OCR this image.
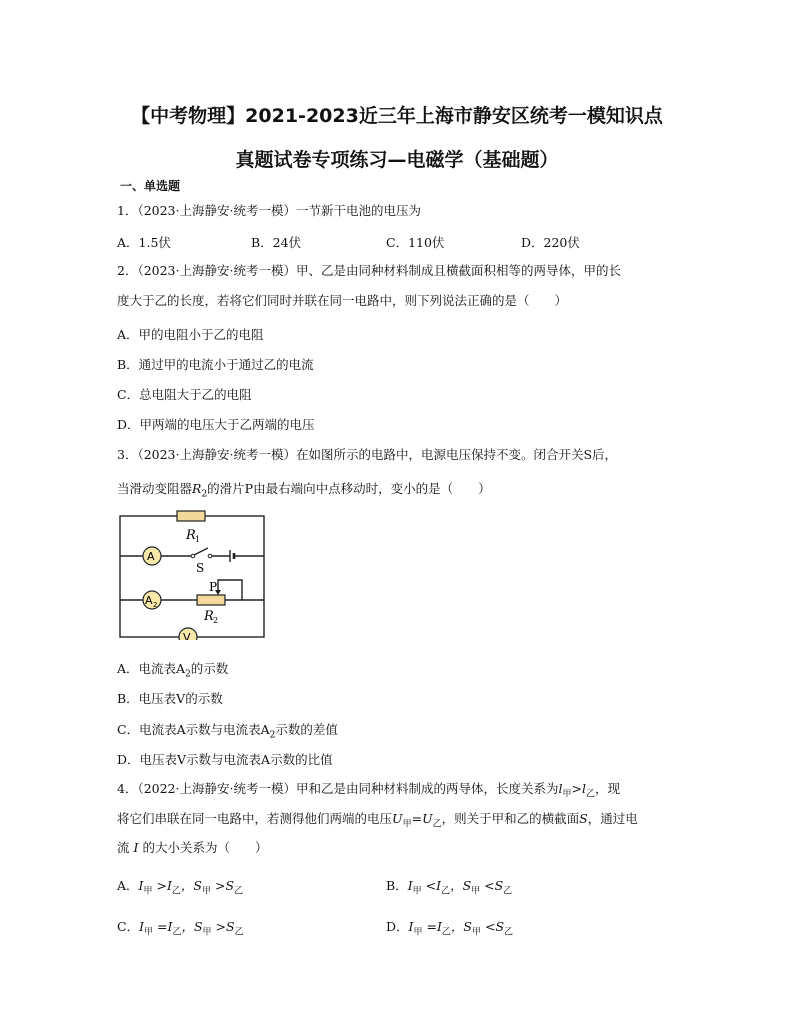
【中考物理】2021-2023近三年上海市静安区统考一模知识点
真题试卷专项练习—电磁学（基础题）
一、单选题
1．（2023·上海静安·统考一模）一节新干电池的电压为
A．1.5伏	B．24伏	C．110伏	D．220伏
2．（2023·上海静安·统考一模）甲、乙是由同种材料制成且横截面积相等的两导体，甲的长
度大于乙的长度，若将它们同时并联在同一电路中，则下列说法正确的是（　　）
A．甲的电阻小于乙的电阻
B．通过甲的电流小于通过乙的电流
C．总电阻大于乙的电阻
D．甲两端的电压大于乙两端的电压
3．（2023·上海静安·统考一模）在如图所示的电路中，电源电压保持不变。闭合开关S后，
当滑动变阻器$R_2$的滑片P由最右端向中点移动时，变小的是（　　）
R 1
A
S
A 2
P
R 2
V
A．电流表$A_2$的示数
B．电压表V的示数
C．电流表A示数与电流表$A_2$示数的差值
D．电压表V示数与电流表A示数的比值
4．（2022·上海静安·统考一模）甲和乙是由同种材料制成的两导体，长度关系为$l_甲>l_乙$，现
将它们串联在同一电路中，若测得他们两端的电压$U_甲=U_乙$，则关于甲和乙的横截面S，通过电
流 I 的大小关系为（　　）
A．$I_甲 >I_乙$，$S_甲 >S_乙$	B．$I_甲 <I_乙$，$S_甲 <S_乙$
C．$I_甲 =I_乙$，$S_甲 >S_乙$	D．$I_甲 =I_乙$，$S_甲 <S_乙$
